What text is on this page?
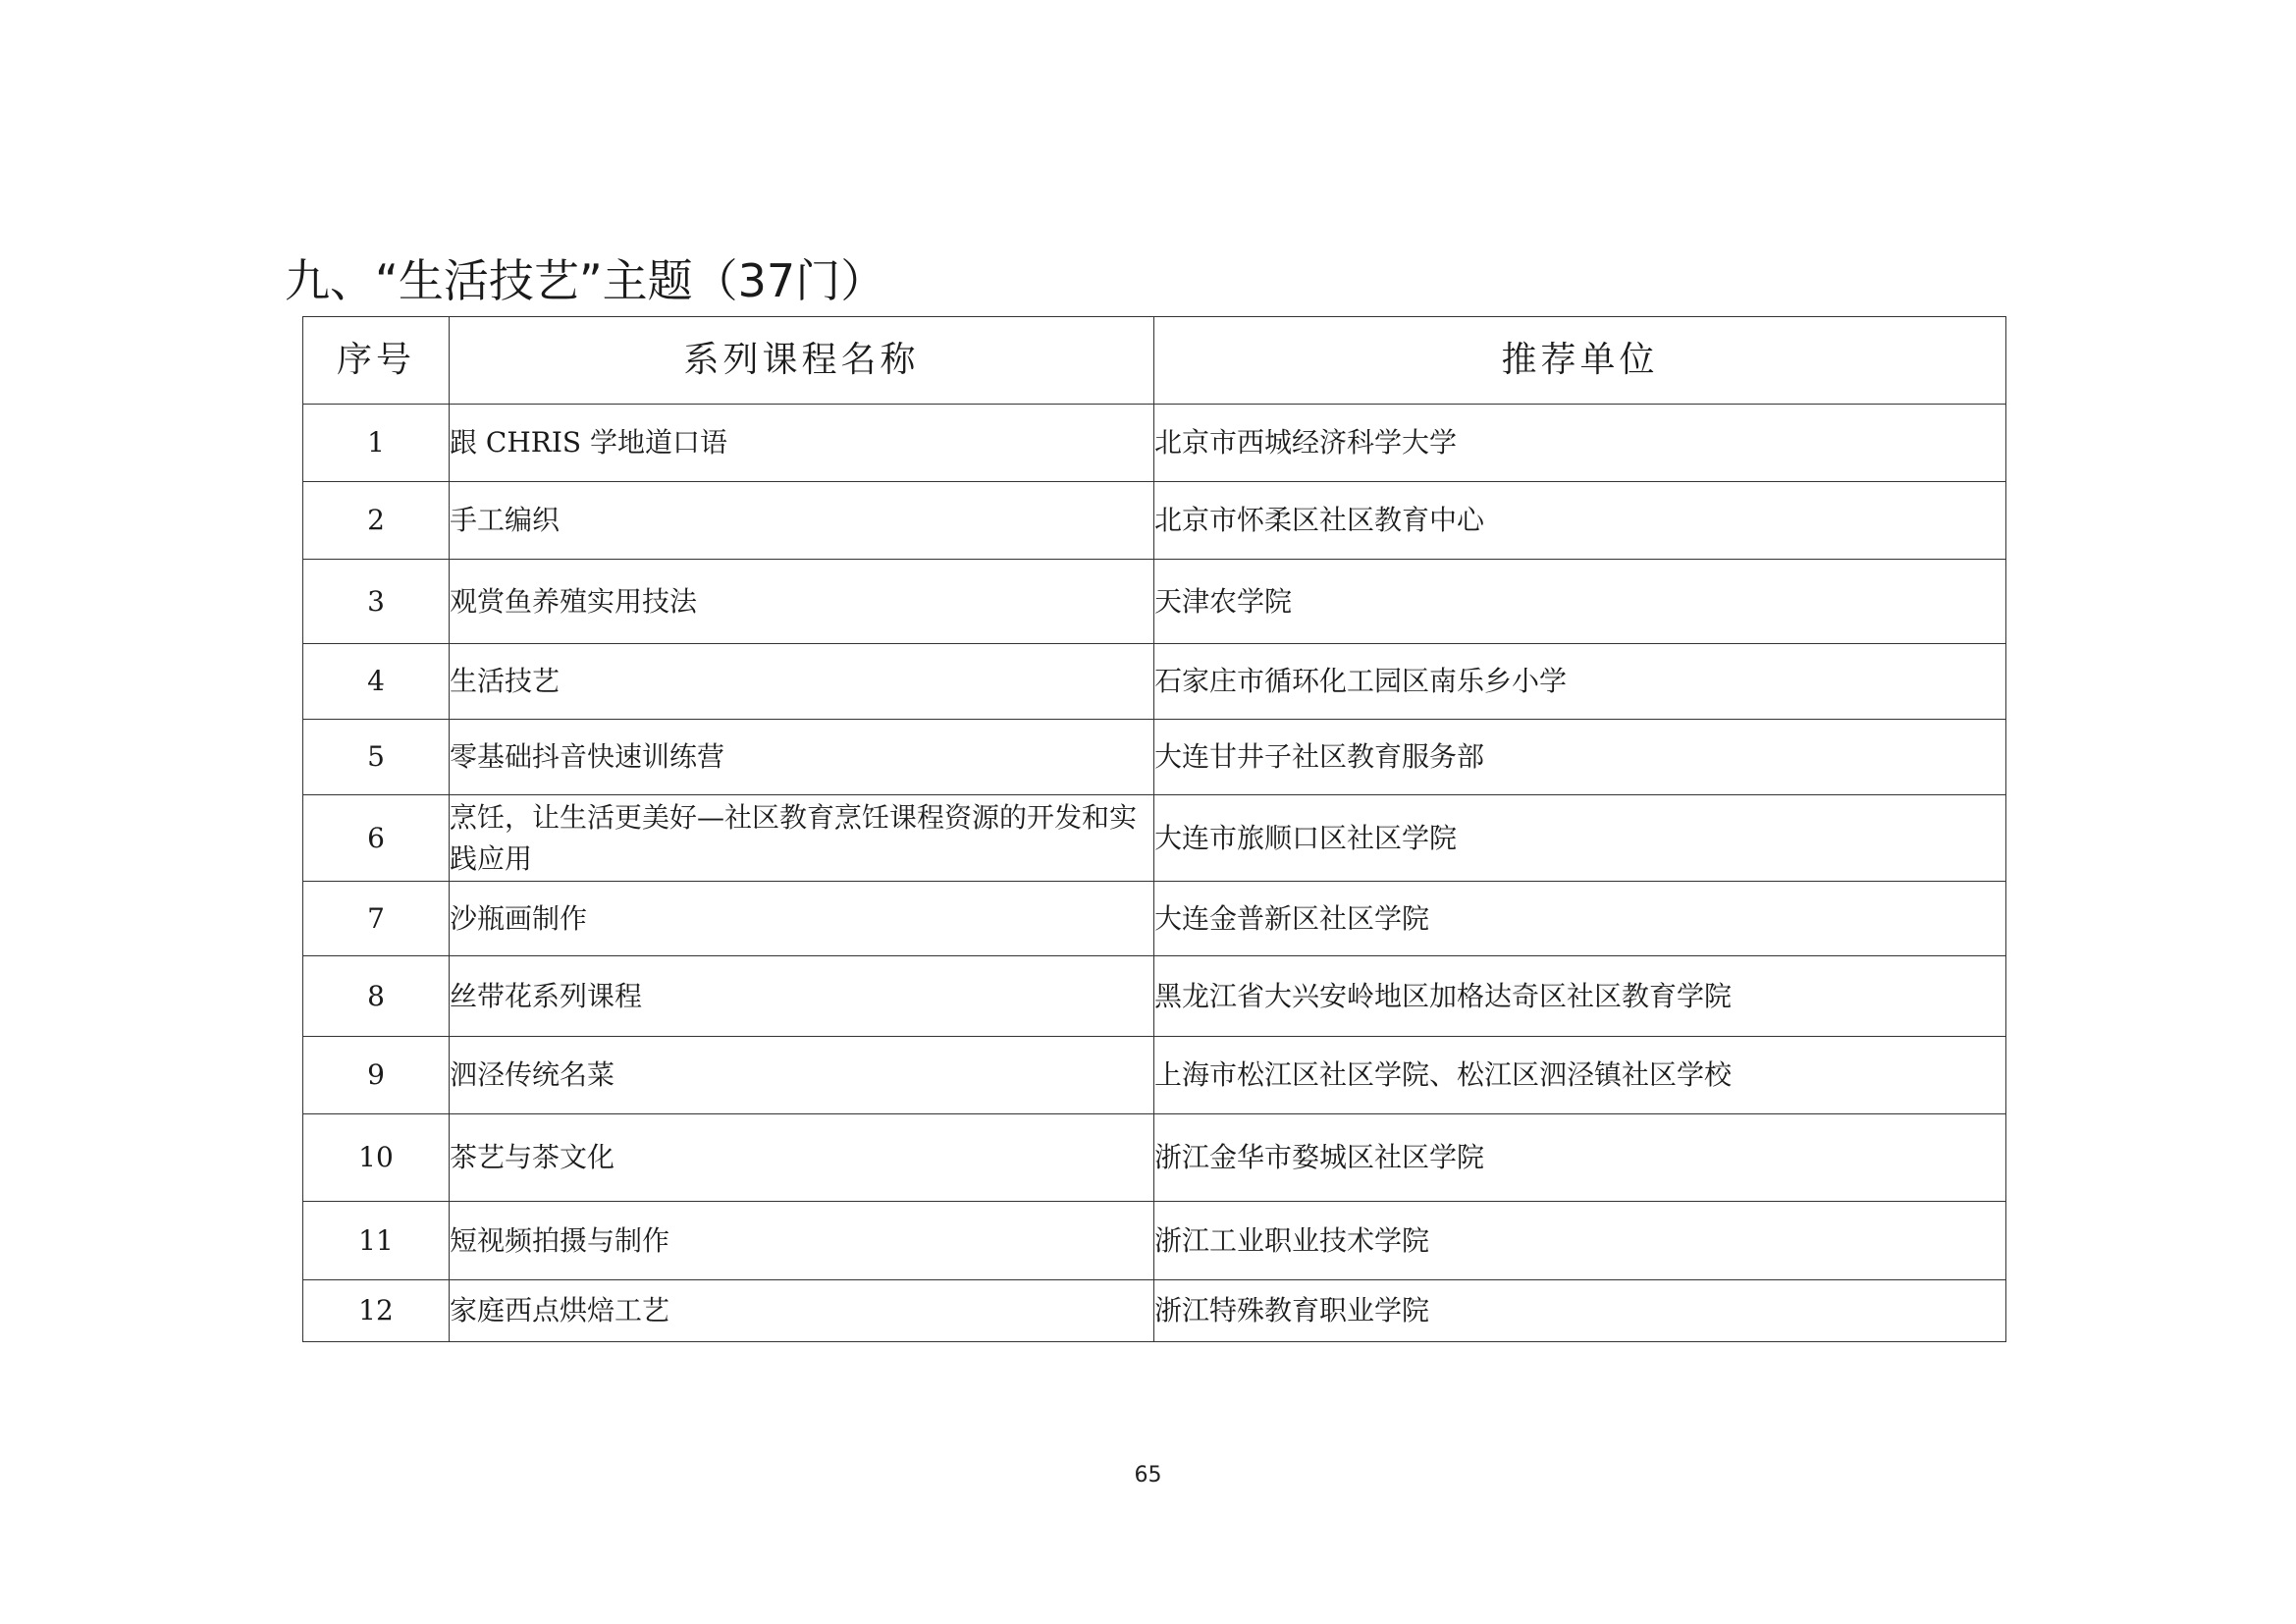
九、“生活技艺”主题（37门）
序号	系列课程名称	推荐单位
1	跟 CHRIS 学地道口语	北京市西城经济科学大学
2	手工编织	北京市怀柔区社区教育中心
3	观赏鱼养殖实用技法	天津农学院
4	生活技艺	石家庄市循环化工园区南乐乡小学
5	零基础抖音快速训练营	大连甘井子社区教育服务部
6	烹饪，让生活更美好—社区教育烹饪课程资源的开发和实践应用	大连市旅顺口区社区学院
7	沙瓶画制作	大连金普新区社区学院
8	丝带花系列课程	黑龙江省大兴安岭地区加格达奇区社区教育学院
9	泗泾传统名菜	上海市松江区社区学院、松江区泗泾镇社区学校
10	茶艺与茶文化	浙江金华市婺城区社区学院
11	短视频拍摄与制作	浙江工业职业技术学院
12	家庭西点烘焙工艺	浙江特殊教育职业学院
65
